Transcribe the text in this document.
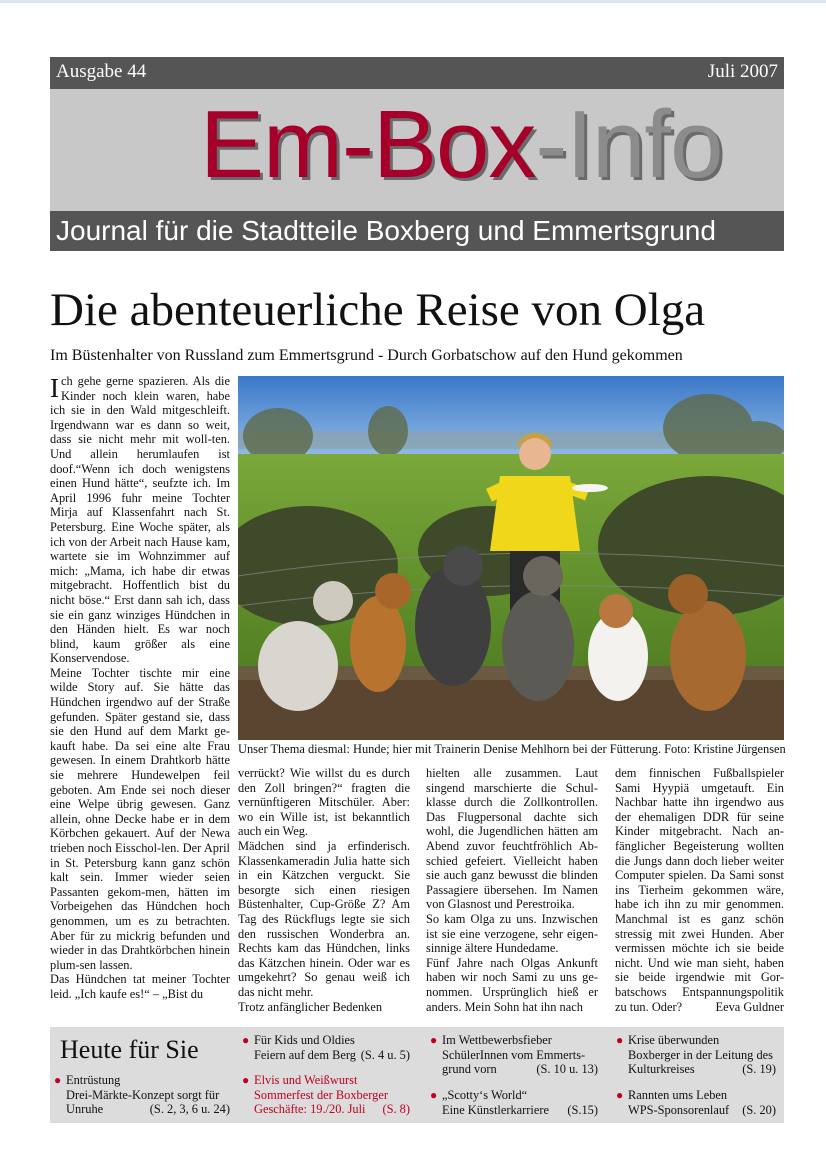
Ausgabe 44	Juli 2007
Em-Box-Info
Journal für die Stadtteile Boxberg und Emmertsgrund
Die abenteuerliche Reise von Olga
Im Büstenhalter von Russland zum Emmertsgrund - Durch Gorbatschow auf den Hund gekommen

Ich gehe gerne spazieren. Als die Kinder noch klein waren, habe ich sie in den Wald mitgeschleift. Irgendwann war es dann so weit, dass sie nicht mehr mit woll-ten. Und allein herumlaufen ist doof.“Wenn ich doch wenigstens einen Hund hätte“, seufzte ich. Im April 1996 fuhr meine Tochter Mirja auf Klassenfahrt nach St. Petersburg. Eine Woche später, als ich von der Arbeit nach Hause kam, wartete sie im Wohnzimmer auf mich: „Mama, ich habe dir etwas mitgebracht. Hoffentlich bist du nicht böse.“ Erst dann sah ich, dass sie ein ganz winziges Hündchen in den Händen hielt. Es war noch blind, kaum größer als eine Konservendose.

Meine Tochter tischte mir eine wilde Story auf. Sie hätte das Hündchen irgendwo auf der Straße gefunden. Später gestand sie, dass sie den Hund auf dem Markt ge-kauft habe. Da sei eine alte Frau gewesen. In einem Drahtkorb hätte sie mehrere Hundewelpen feil geboten. Am Ende sei noch dieser eine Welpe übrig gewesen. Ganz allein, ohne Decke habe er in dem Körbchen gekauert. Auf der Newa trieben noch Eisschol-len. Der April in St. Petersburg kann ganz schön kalt sein. Immer wieder seien Passanten gekom-men, hätten im Vorbeigehen das Hündchen hoch genommen, um es zu betrachten. Aber für zu mickrig befunden und wieder in das Drahtkörbchen hinein plum-sen lassen.

Das Hündchen tat meiner Tochter leid. „Ich kaufe es!“ – „Bist du

Unser Thema diesmal: Hunde; hier mit Trainerin Denise Mehlhorn bei der Fütterung. Foto: Kristine Jürgensen

verrückt? Wie willst du es durch den Zoll bringen?“ fragten die vernünftigeren Mitschüler. Aber: wo ein Wille ist, ist bekanntlich auch ein Weg.

Mädchen sind ja erfinderisch. Klassenkameradin Julia hatte sich in ein Kätzchen verguckt. Sie besorgte sich einen riesigen Büstenhalter, Cup-Größe Z? Am Tag des Rückflugs legte sie sich den russischen Wonderbra an. Rechts kam das Hündchen, links das Kätzchen hinein. Oder war es umgekehrt? So genau weiß ich das nicht mehr.

Trotz anfänglicher Bedenken

hielten alle zusammen. Laut singend marschierte die Schul-klasse durch die Zollkontrollen. Das Flugpersonal dachte sich wohl, die Jugendlichen hätten am Abend zuvor feuchtfröhlich Ab-schied gefeiert. Vielleicht haben sie auch ganz bewusst die blinden Passagiere übersehen. Im Namen von Glasnost und Perestroika.

So kam Olga zu uns. Inzwischen ist sie eine verzogene, sehr eigen-sinnige ältere Hundedame.

Fünf Jahre nach Olgas Ankunft haben wir noch Sami zu uns ge-nommen. Ursprünglich hieß er anders. Mein Sohn hat ihn nach

dem finnischen Fußballspieler Sami Hyypiä umgetauft. Ein Nachbar hatte ihn irgendwo aus der ehemaligen DDR für seine Kinder mitgebracht. Nach an-fänglicher Begeisterung wollten die Jungs dann doch lieber weiter Computer spielen. Da Sami sonst ins Tierheim gekommen wäre, habe ich ihn zu mir genommen. Manchmal ist es ganz schön stressig mit zwei Hunden. Aber vermissen möchte ich sie beide nicht. Und wie man sieht, haben sie beide irgendwie mit Gor-batschows Entspannungspolitik zu tun. Oder?	Eeva Guldner

Heute für Sie
● Entrüstung
Drei-Märkte-Konzept sorgt für
Unruhe	(S. 2, 3, 6 u. 24)
● Für Kids und Oldies
Feiern auf dem Berg (S. 4 u. 5)
● Elvis und Weißwurst
Sommerfest der Boxberger
Geschäfte: 19./20. Juli (S. 8)
● Im Wettbewerbsfieber
SchülerInnen vom Emmerts-
grund vorn	(S. 10 u. 13)
● „Scotty‘s World“
Eine Künstlerkarriere (S.15)
● Krise überwunden
Boxberger in der Leitung des
Kulturkreises	(S. 19)
● Rannten ums Leben
WPS-Sponsorenlauf (S. 20)
